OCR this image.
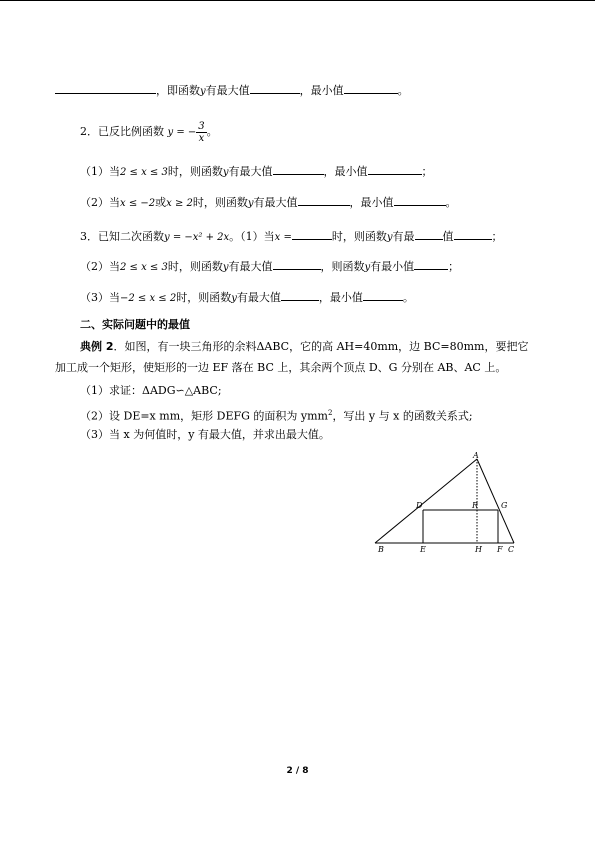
，即函数y有最大值	，最小值	。
2．已反比例函数 y = − $\frac{3}{x}$ 。
（1）当2 ≤ x ≤ 3时，则函数y有最大值	，最小值	；
（2）当x ≤ −2或x ≥ 2时，则函数y有最大值	，最小值	。
3．已知二次函数y = −x² + 2x。（1）当x =	时，则函数y有最	值	；
（2）当2 ≤ x ≤ 3时，则函数y有最大值	，则函数y有最小值	；
（3）当−2 ≤ x ≤ 2时，则函数y有最大值	，最小值	。
二、实际问题中的最值
典例 2．如图，有一块三角形的余料ΔABC，它的高 AH=40mm，边 BC=80mm，要把它
加工成一个矩形，使矩形的一边 EF 落在 BC 上，其余两个顶点 D、G 分别在 AB、AC 上。
（1）求证：ΔADG∽△ABC;
（2）设 DE=x mm，矩形 DEFG 的面积为 ymm$^2$，写出 y 与 x 的函数关系式;
（3）当 x 为何值时，y 有最大值，并求出最大值。
A
B	C
D
E	F
G
H
R
2 / 8
